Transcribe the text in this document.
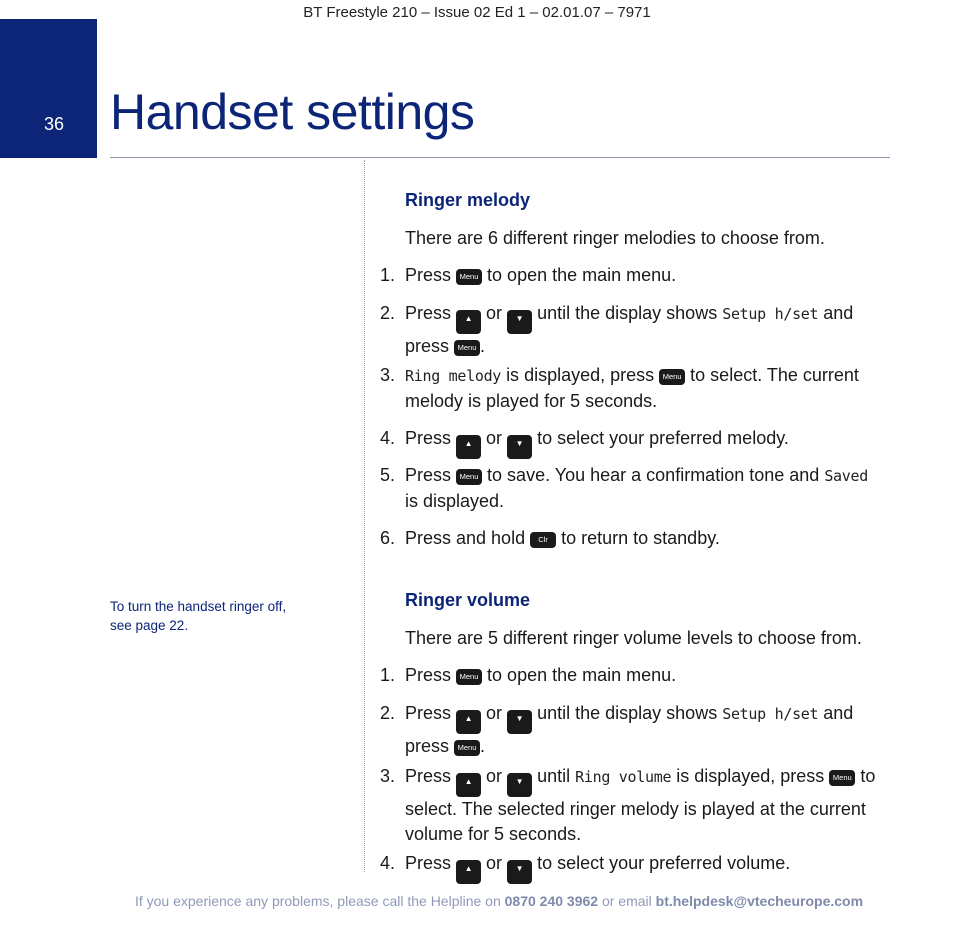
BT Freestyle 210 – Issue 02 Ed 1 – 02.01.07 – 7971
36 Handset settings
To turn the handset ringer off,
see page 22.
Ringer melody

There are 6 different ringer melodies to choose from.

1. Press Menu to open the main menu.
2. Press ▲ or ▼ until the display shows Setup h/set and
press Menu .
3. Ring melody is displayed, press Menu to select. The current
melody is played for 5 seconds.
4. Press ▲ or ▼ to select your preferred melody.
5. Press Menu to save. You hear a confirmation tone and Saved
is displayed.
6. Press and hold Clr to return to standby.
Ringer volume

There are 5 different ringer volume levels to choose from.

1. Press Menu to open the main menu.
2. Press ▲ or ▼ until the display shows Setup h/set and
press Menu .
3. Press ▲ or ▼ until Ring volume is displayed, press Menu to
select. The selected ringer melody is played at the current
volume for 5 seconds.
4. Press ▲ or ▼ to select your preferred volume.
If you experience any problems, please call the Helpline on 0870 240 3962 or email bt.helpdesk@vtecheurope.com
